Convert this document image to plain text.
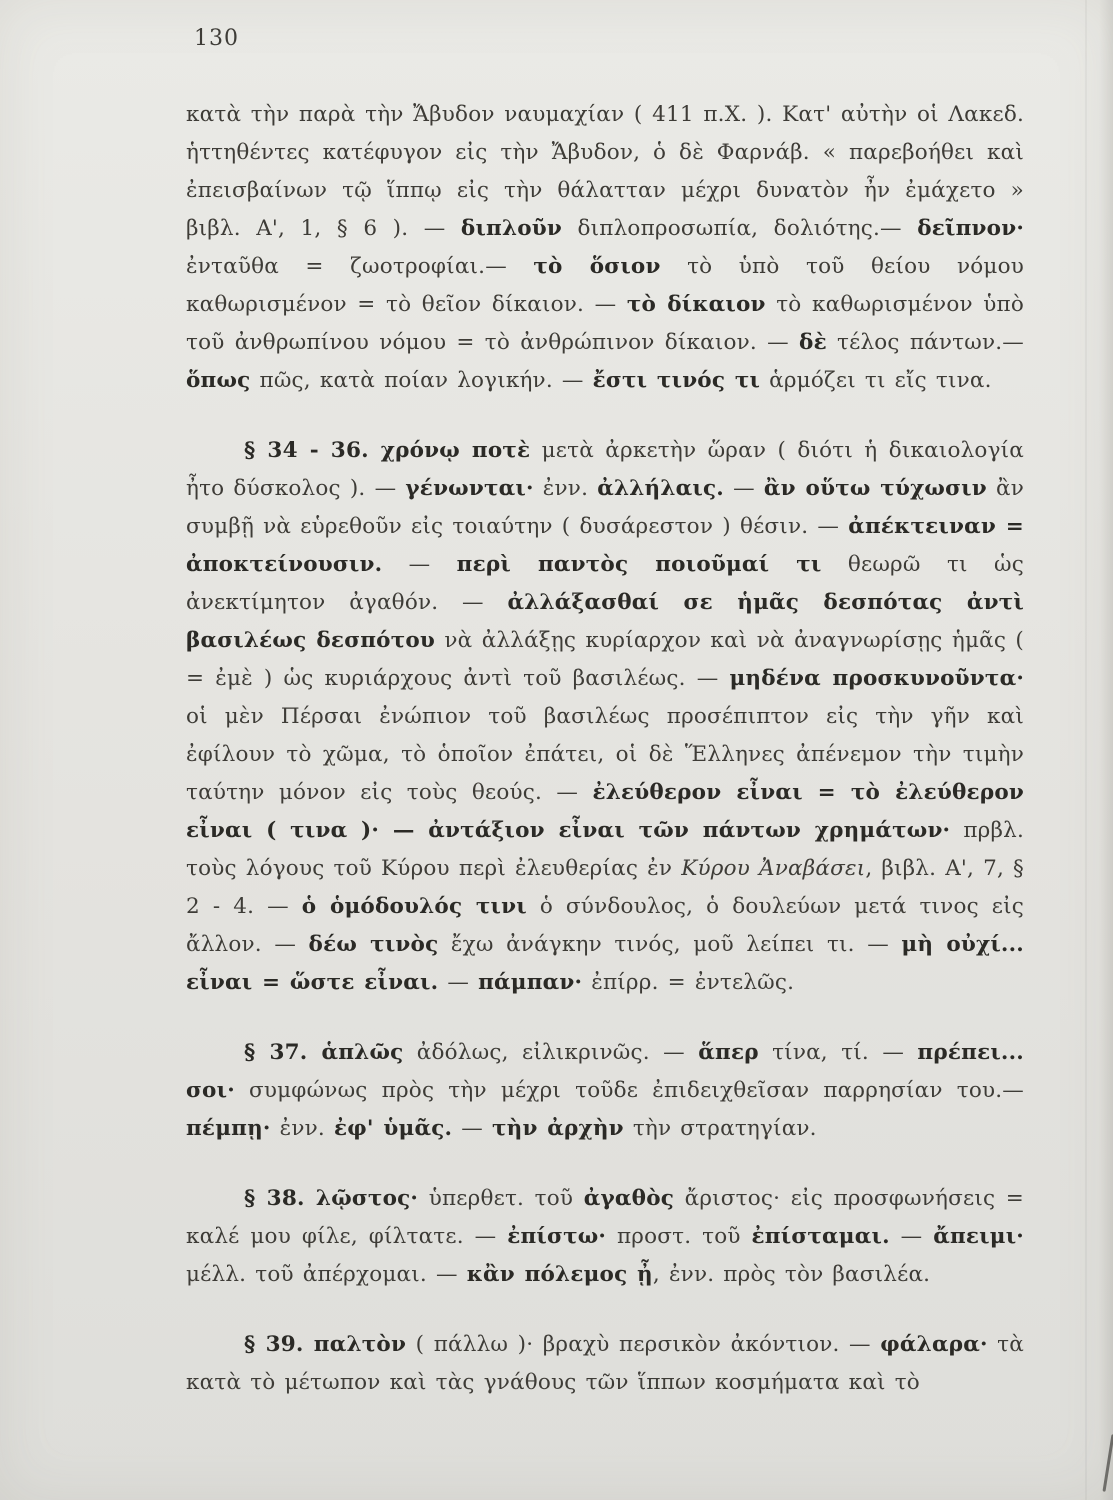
130

κατὰ τὴν παρὰ τὴν Ἄβυδον ναυμαχίαν ( 411 π.Χ. ). Κατ' αὐτὴν οἱ Λακεδ. ἡττηθέντες κατέφυγον εἰς τὴν Ἄβυδον, ὁ δὲ Φαρνάβ. « παρεβοήθει καὶ ἐπεισβαίνων τῷ ἵππῳ εἰς τὴν θάλατταν μέχρι δυνατὸν ἦν ἐμάχετο » βιβλ. Α', 1, § 6 ). — διπλοῦν διπλοπροσωπία, δολιότης.— δεῖπνον· ἐνταῦθα = ζωοτροφίαι.— τὸ ὅσιον τὸ ὑπὸ τοῦ θείου νόμου καθωρισμένον = τὸ θεῖον δίκαιον. — τὸ δίκαιον τὸ καθωρισμένον ὑπὸ τοῦ ἀνθρωπίνου νόμου = τὸ ἀνθρώπινον δίκαιον. — δὲ τέλος πάντων.— ὅπως πῶς, κατὰ ποίαν λογικήν. — ἔστι τινός τι ἁρμόζει τι εἴς τινα.

§ 34 - 36. χρόνῳ ποτὲ μετὰ ἀρκετὴν ὥραν ( διότι ἡ δικαιολογία ἦτο δύσκολος ). — γένωνται· ἐνν. ἀλλήλαις. — ἂν οὕτω τύχωσιν ἂν συμβῇ νὰ εὑρεθοῦν εἰς τοιαύτην ( δυσάρεστον ) θέσιν. — ἀπέκτειναν = ἀποκτείνουσιν. — περὶ παντὸς ποιοῦμαί τι θεωρῶ τι ὡς ἀνεκτίμητον ἀγαθόν. — ἀλλάξασθαί σε ἡμᾶς δεσπότας ἀντὶ βασιλέως δεσπότου νὰ ἀλλάξῃς κυρίαρχον καὶ νὰ ἀναγνωρίσῃς ἡμᾶς ( = ἐμὲ ) ὡς κυριάρχους ἀντὶ τοῦ βασιλέως. — μηδένα προσκυνοῦντα· οἱ μὲν Πέρσαι ἐνώπιον τοῦ βασιλέως προσέπιπτον εἰς τὴν γῆν καὶ ἐφίλουν τὸ χῶμα, τὸ ὁποῖον ἐπάτει, οἱ δὲ Ἕλληνες ἀπένεμον τὴν τιμὴν ταύτην μόνον εἰς τοὺς θεούς. — ἐλεύθερον εἶναι = τὸ ἐλεύθερον εἶναι ( τινα )· — ἀντάξιον εἶναι τῶν πάντων χρημάτων· πρβλ. τοὺς λόγους τοῦ Κύρου περὶ ἐλευθερίας ἐν Κύρου Ἀναβάσει, βιβλ. Α', 7, § 2 - 4. — ὁ ὁμόδουλός τινι ὁ σύνδουλος, ὁ δουλεύων μετά τινος εἰς ἄλλον. — δέω τινὸς ἔχω ἀνάγκην τινός, μοῦ λείπει τι. — μὴ οὐχί... εἶναι = ὥστε εἶναι. — πάμπαν· ἐπίρρ. = ἐντελῶς.

§ 37. ἁπλῶς ἀδόλως, εἰλικρινῶς. — ἅπερ τίνα, τί. — πρέπει... σοι· συμφώνως πρὸς τὴν μέχρι τοῦδε ἐπιδειχθεῖσαν παρρησίαν του.— πέμπῃ· ἐνν. ἐφ' ὑμᾶς. — τὴν ἀρχὴν τὴν στρατηγίαν.

§ 38. λῷστος· ὑπερθετ. τοῦ ἀγαθὸς ἄριστος· εἰς προσφωνήσεις = καλέ μου φίλε, φίλτατε. — ἐπίστω· προστ. τοῦ ἐπίσταμαι. — ἄπειμι· μέλλ. τοῦ ἀπέρχομαι. — κἂν πόλεμος ᾖ, ἐνν. πρὸς τὸν βασιλέα.

§ 39. παλτὸν ( πάλλω )· βραχὺ περσικὸν ἀκόντιον. — φάλαρα· τὰ κατὰ τὸ μέτωπον καὶ τὰς γνάθους τῶν ἵππων κοσμήματα καὶ τὸ
